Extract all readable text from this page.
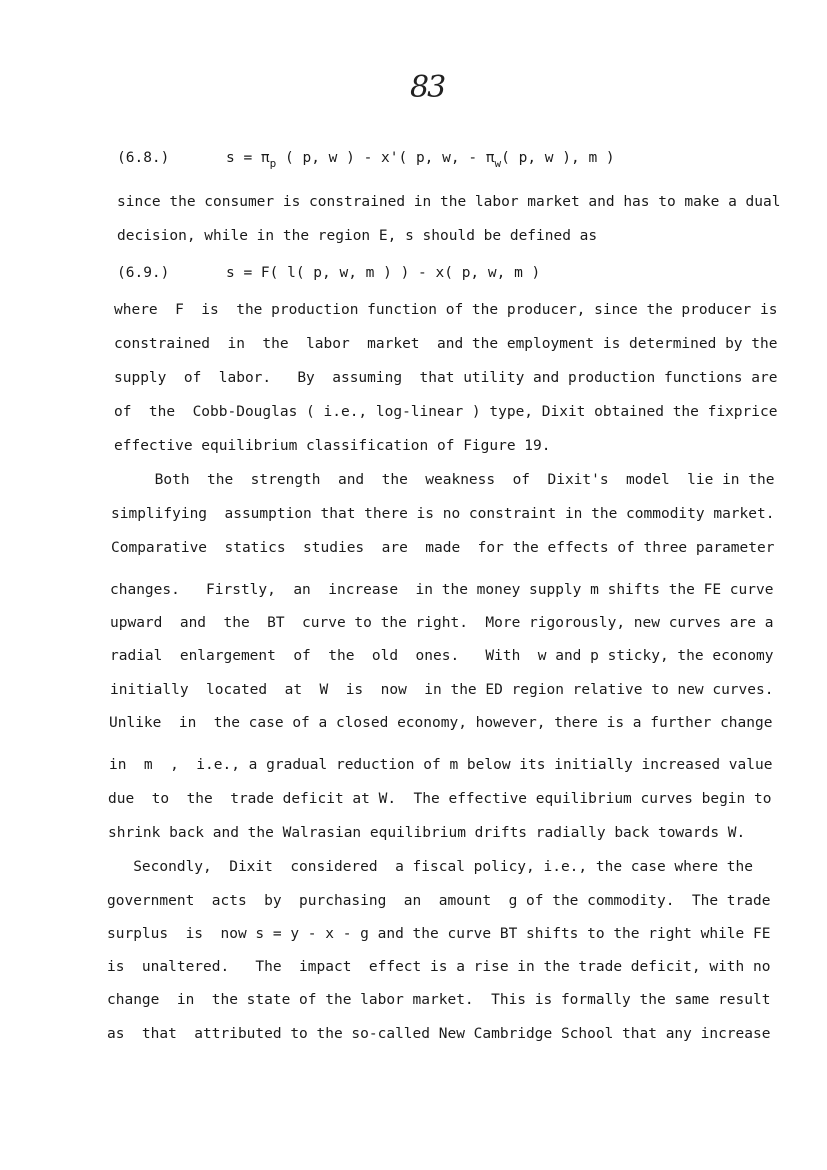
83
(6.8.)	$s = \pi_p$ ( p, w ) - x'( p, w, - $\pi_w$( p, w ), m )
since the consumer is constrained in the labor market and has to make a dual
decision, while in the region E, s should be defined as
(6.9.)	s = F( l( p, w, m ) ) - x( p, w, m )
where  F  is  the production function of the producer, since the producer is
constrained  in  the  labor  market  and the employment is determined by the
supply  of  labor.   By  assuming  that utility and production functions are
of  the  Cobb-Douglas ( i.e., log-linear ) type, Dixit obtained the fixprice
effective equilibrium classification of Figure 19.
Both  the  strength  and  the  weakness  of  Dixit's  model  lie in the
simplifying  assumption that there is no constraint in the commodity market.
Comparative  statics  studies  are  made  for the effects of three parameter
changes.   Firstly,  an  increase  in the money supply m shifts the FE curve
upward  and  the  BT  curve to the right.  More rigorously, new curves are a
radial  enlargement  of  the  old  ones.   With  w and p sticky, the economy
initially  located  at  W  is  now  in the ED region relative to new curves.
Unlike  in  the case of a closed economy, however, there is a further change
in  m  ,  i.e., a gradual reduction of m below its initially increased value
due  to  the  trade deficit at W.  The effective equilibrium curves begin to
shrink back and the Walrasian equilibrium drifts radially back towards W.
Secondly,  Dixit  considered  a fiscal policy, i.e., the case where the
government  acts  by  purchasing  an  amount  g of the commodity.  The trade
surplus  is  now s = y - x - g and the curve BT shifts to the right while FE
is  unaltered.   The  impact  effect is a rise in the trade deficit, with no
change  in  the state of the labor market.  This is formally the same result
as  that  attributed to the so-called New Cambridge School that any increase
